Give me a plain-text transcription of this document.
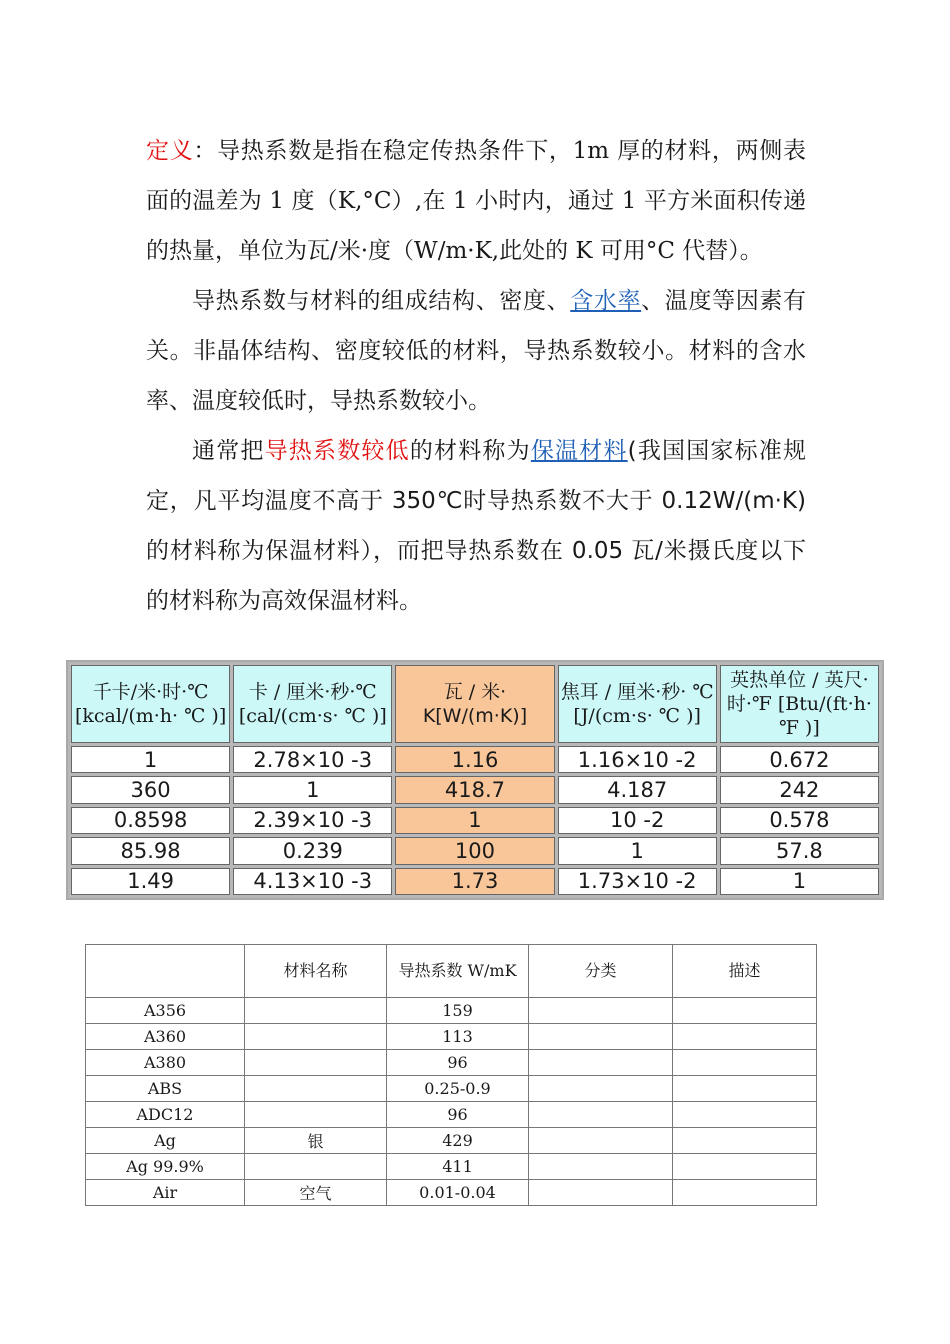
定义：导热系数是指在稳定传热条件下，1m 厚的材料，两侧表面的温差为 1 度（K,°C）,在 1 小时内，通过 1 平方米面积传递的热量，单位为瓦/米·度（W/m·K,此处的 K 可用°C 代替）。

导热系数与材料的组成结构、密度、含水率、温度等因素有关。非晶体结构、密度较低的材料，导热系数较小。材料的含水率、温度较低时，导热系数较小。

通常把导热系数较低的材料称为保温材料(我国国家标准规定，凡平均温度不高于 350℃时导热系数不大于 0.12W/(m·K)的材料称为保温材料），而把导热系数在 0.05 瓦/米摄氏度以下的材料称为高效保温材料。

千卡/米·时·℃ [kcal/(m·h· ℃ )]	卡 / 厘米·秒·℃ [cal/(cm·s· ℃ )]	瓦 / 米· K[W/(m·K)]	焦耳 / 厘米·秒· ℃ [J/(cm·s· ℃ )]	英热单位 / 英尺·时·℉ [Btu/(ft·h· ℉ )]
1	2.78×10 -3	1.16	1.16×10 -2	0.672
360	1	418.7	4.187	242
0.8598	2.39×10 -3	1	10 -2	0.578
85.98	0.239	100	1	57.8
1.49	4.13×10 -3	1.73	1.73×10 -2	1
	材料名称	导热系数 W/mK	分类	描述
A356		159		
A360		113		
A380		96		
ABS		0.25-0.9		
ADC12		96		
Ag	银	429		
Ag 99.9%		411		
Air	空气	0.01-0.04		
